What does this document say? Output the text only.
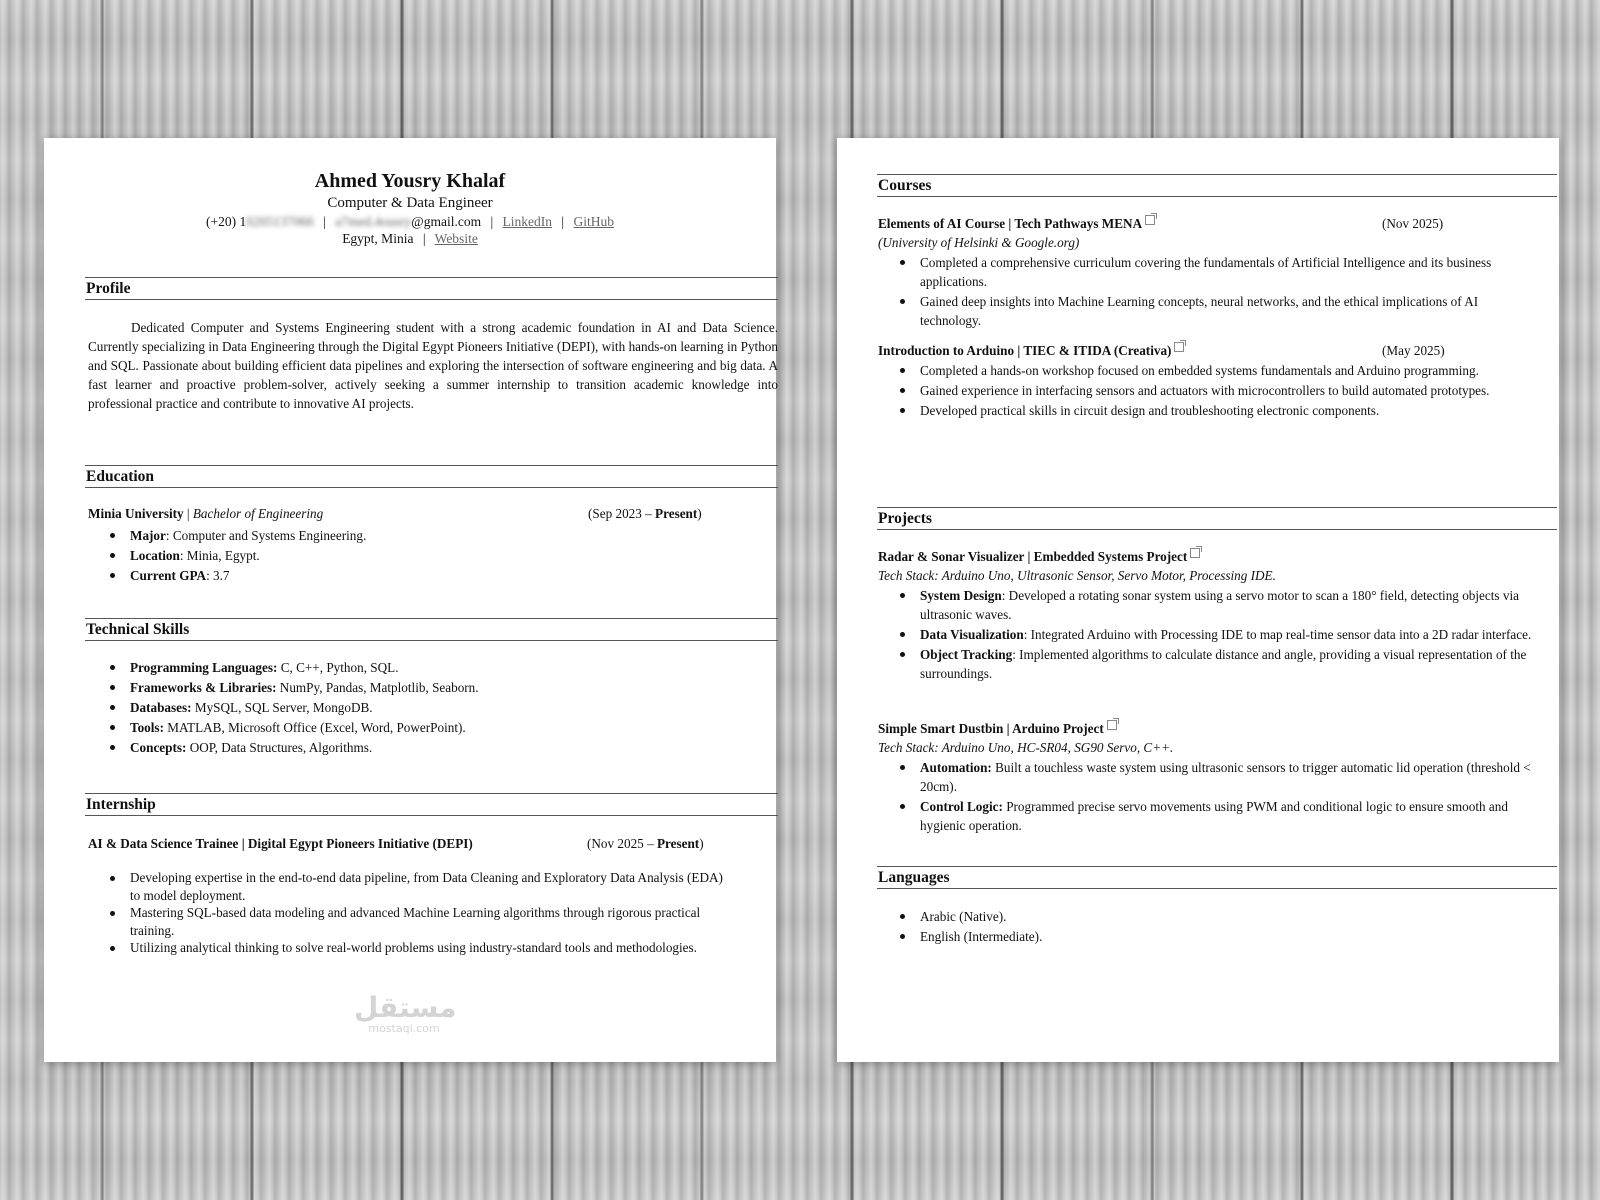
Ahmed Yousry Khalaf
Computer & Data Engineer
(+20) 10205137066 | a7med.4ousry@gmail.com | LinkedIn | GitHub
Egypt, Minia | Website
Profile
Dedicated Computer and Systems Engineering student with a strong academic foundation in AI and Data Science. Currently specializing in Data Engineering through the Digital Egypt Pioneers Initiative (DEPI), with hands-on learning in Python and SQL. Passionate about building efficient data pipelines and exploring the intersection of software engineering and big data. A fast learner and proactive problem-solver, actively seeking a summer internship to transition academic knowledge into professional practice and contribute to innovative AI projects.
Education
Minia University | Bachelor of Engineering	(Sep 2023 – Present)
Major: Computer and Systems Engineering.
Location: Minia, Egypt.
Current GPA: 3.7
Technical Skills
Programming Languages: C, C++, Python, SQL.
Frameworks & Libraries: NumPy, Pandas, Matplotlib, Seaborn.
Databases: MySQL, SQL Server, MongoDB.
Tools: MATLAB, Microsoft Office (Excel, Word, PowerPoint).
Concepts: OOP, Data Structures, Algorithms.
Internship
AI & Data Science Trainee | Digital Egypt Pioneers Initiative (DEPI)	(Nov 2025 – Present)
Developing expertise in the end-to-end data pipeline, from Data Cleaning and Exploratory Data Analysis (EDA) to model deployment.
Mastering SQL-based data modeling and advanced Machine Learning algorithms through rigorous practical training.
Utilizing analytical thinking to solve real-world problems using industry-standard tools and methodologies.
مستقل
mostaql.com
Courses
Elements of AI Course | Tech Pathways MENA	(Nov 2025)
(University of Helsinki & Google.org)
Completed a comprehensive curriculum covering the fundamentals of Artificial Intelligence and its business applications.
Gained deep insights into Machine Learning concepts, neural networks, and the ethical implications of AI technology.
Introduction to Arduino | TIEC & ITIDA (Creativa)	(May 2025)
Completed a hands-on workshop focused on embedded systems fundamentals and Arduino programming.
Gained experience in interfacing sensors and actuators with microcontrollers to build automated prototypes.
Developed practical skills in circuit design and troubleshooting electronic components.
Projects
Radar & Sonar Visualizer | Embedded Systems Project
Tech Stack: Arduino Uno, Ultrasonic Sensor, Servo Motor, Processing IDE.
System Design: Developed a rotating sonar system using a servo motor to scan a 180° field, detecting objects via ultrasonic waves.
Data Visualization: Integrated Arduino with Processing IDE to map real-time sensor data into a 2D radar interface.
Object Tracking: Implemented algorithms to calculate distance and angle, providing a visual representation of the surroundings.
Simple Smart Dustbin | Arduino Project
Tech Stack: Arduino Uno, HC-SR04, SG90 Servo, C++.
Automation: Built a touchless waste system using ultrasonic sensors to trigger automatic lid operation (threshold < 20cm).
Control Logic: Programmed precise servo movements using PWM and conditional logic to ensure smooth and hygienic operation.
Languages
Arabic (Native).
English (Intermediate).
